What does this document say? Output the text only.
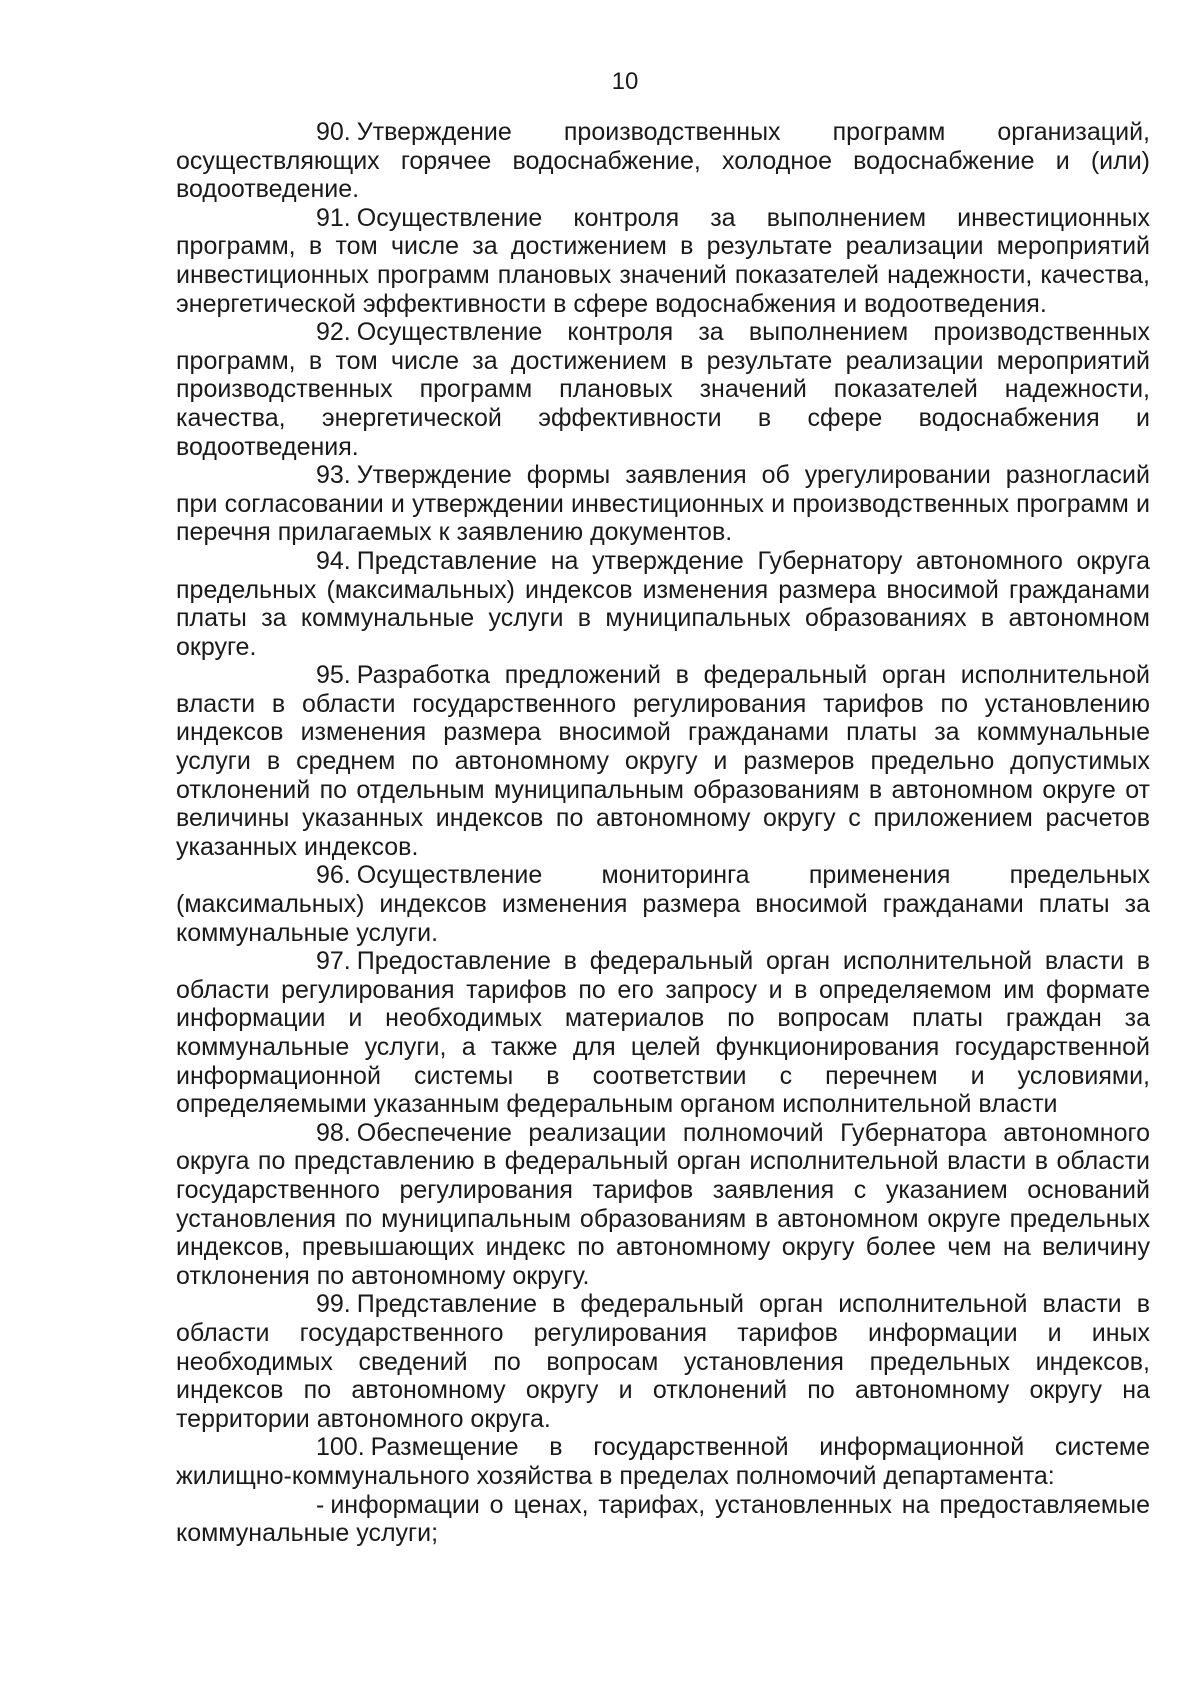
10

90. Утверждение производственных программ организаций, осуществляющих горячее водоснабжение, холодное водоснабжение и (или) водоотведение.

91. Осуществление контроля за выполнением инвестиционных программ, в том числе за достижением в результате реализации мероприятий инвестиционных программ плановых значений показателей надежности, качества, энергетической эффективности в сфере водоснабжения и водоотведения.

92. Осуществление контроля за выполнением производственных программ, в том числе за достижением в результате реализации мероприятий производственных программ плановых значений показателей надежности, качества, энергетической эффективности в сфере водоснабжения и водоотведения.

93. Утверждение формы заявления об урегулировании разногласий при согласовании и утверждении инвестиционных и производственных программ и перечня прилагаемых к заявлению документов.

94. Представление на утверждение Губернатору автономного округа предельных (максимальных) индексов изменения размера вносимой гражданами платы за коммунальные услуги в муниципальных образованиях в автономном округе.

95. Разработка предложений в федеральный орган исполнительной власти в области государственного регулирования тарифов по установлению индексов изменения размера вносимой гражданами платы за коммунальные услуги в среднем по автономному округу и размеров предельно допустимых отклонений по отдельным муниципальным образованиям в автономном округе от величины указанных индексов по автономному округу с приложением расчетов указанных индексов.

96. Осуществление мониторинга применения предельных (максимальных) индексов изменения размера вносимой гражданами платы за коммунальные услуги.

97. Предоставление в федеральный орган исполнительной власти в области регулирования тарифов по его запросу и в определяемом им формате информации и необходимых материалов по вопросам платы граждан за коммунальные услуги, а также для целей функционирования государственной информационной системы в соответствии с перечнем и условиями, определяемыми указанным федеральным органом исполнительной власти

98. Обеспечение реализации полномочий Губернатора автономного округа по представлению в федеральный орган исполнительной власти в области государственного регулирования тарифов заявления с указанием оснований установления по муниципальным образованиям в автономном округе предельных индексов, превышающих индекс по автономному округу более чем на величину отклонения по автономному округу.

99. Представление в федеральный орган исполнительной власти в области государственного регулирования тарифов информации и иных необходимых сведений по вопросам установления предельных индексов, индексов по автономному округу и отклонений по автономному округу на территории автономного округа.

100. Размещение в государственной информационной системе жилищно-коммунального хозяйства в пределах полномочий департамента:

- информации о ценах, тарифах, установленных на предоставляемые коммунальные услуги;
